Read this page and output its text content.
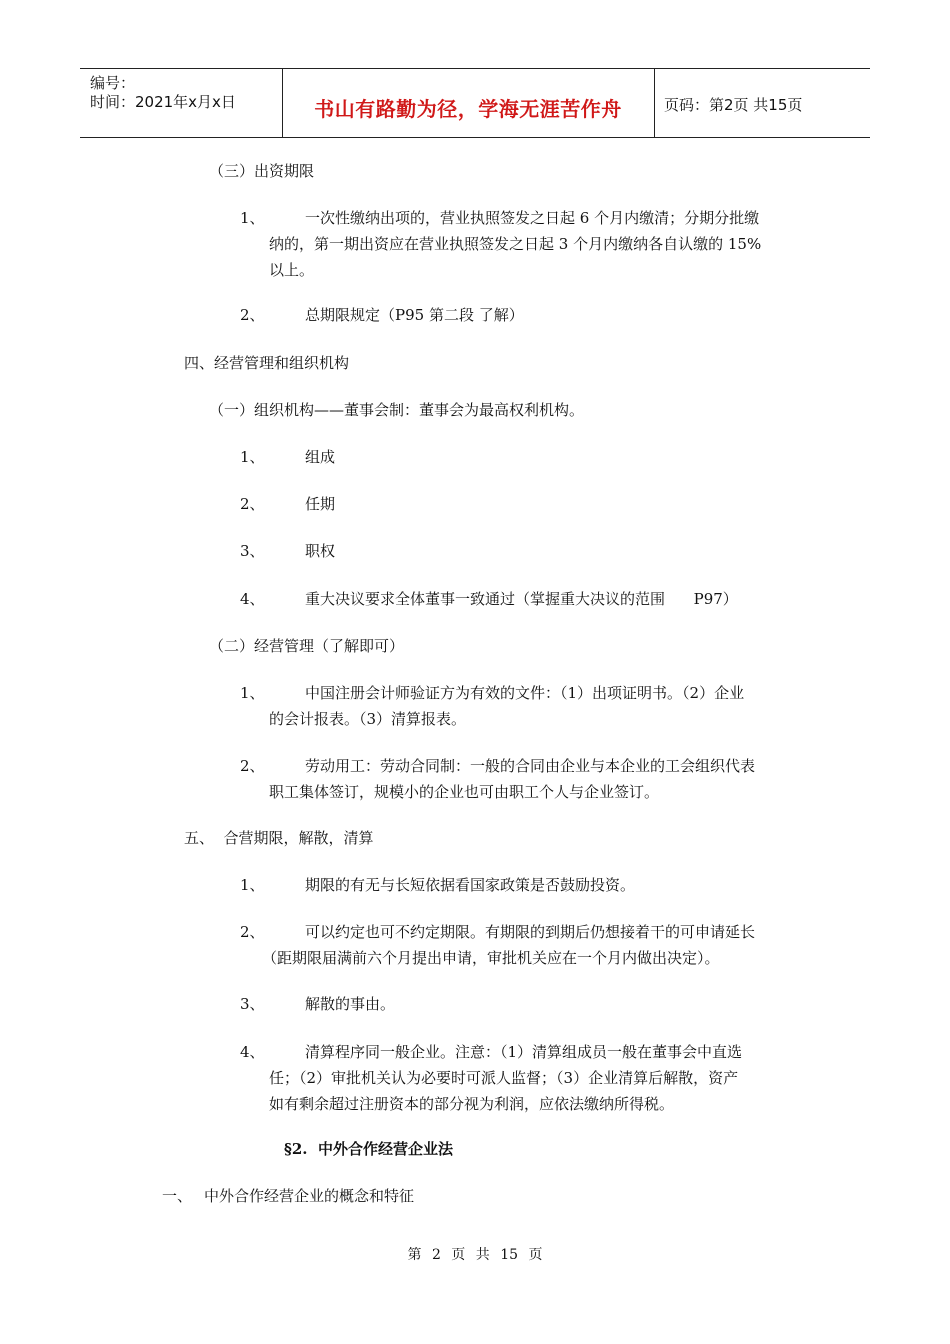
编号：
时间：2021年x月x日	书山有路勤为径，学海无涯苦作舟	页码：第2页 共15页
（三）出资期限
1、	一次性缴纳出项的，营业执照签发之日起 6 个月内缴清；分期分批缴
纳的，第一期出资应在营业执照签发之日起 3 个月内缴纳各自认缴的 15%
以上。
2、	总期限规定（P95 第二段 了解）
四、经营管理和组织机构
（一）组织机构——董事会制：董事会为最高权利机构。
1、	组成
2、	任期
3、	职权
4、	重大决议要求全体董事一致通过（掌握重大决议的范围      P97）
（二）经营管理（了解即可）
1、	中国注册会计师验证方为有效的文件：（1）出项证明书。（2）企业
的会计报表。（3）清算报表。
2、	劳动用工：劳动合同制：一般的合同由企业与本企业的工会组织代表
职工集体签订，规模小的企业也可由职工个人与企业签订。
五、  合营期限，解散，清算
1、	期限的有无与长短依据看国家政策是否鼓励投资。
2、	可以约定也可不约定期限。有期限的到期后仍想接着干的可申请延长
（距期限届满前六个月提出申请，审批机关应在一个月内做出决定）。
3、	解散的事由。
4、	清算程序同一般企业。注意：（1）清算组成员一般在董事会中直选
任；（2）审批机关认为必要时可派人监督；（3）企业清算后解散，资产
如有剩余超过注册资本的部分视为利润，应依法缴纳所得税。
§2.  中外合作经营企业法
一、 中外合作经营企业的概念和特征
第 2 页 共 15 页
